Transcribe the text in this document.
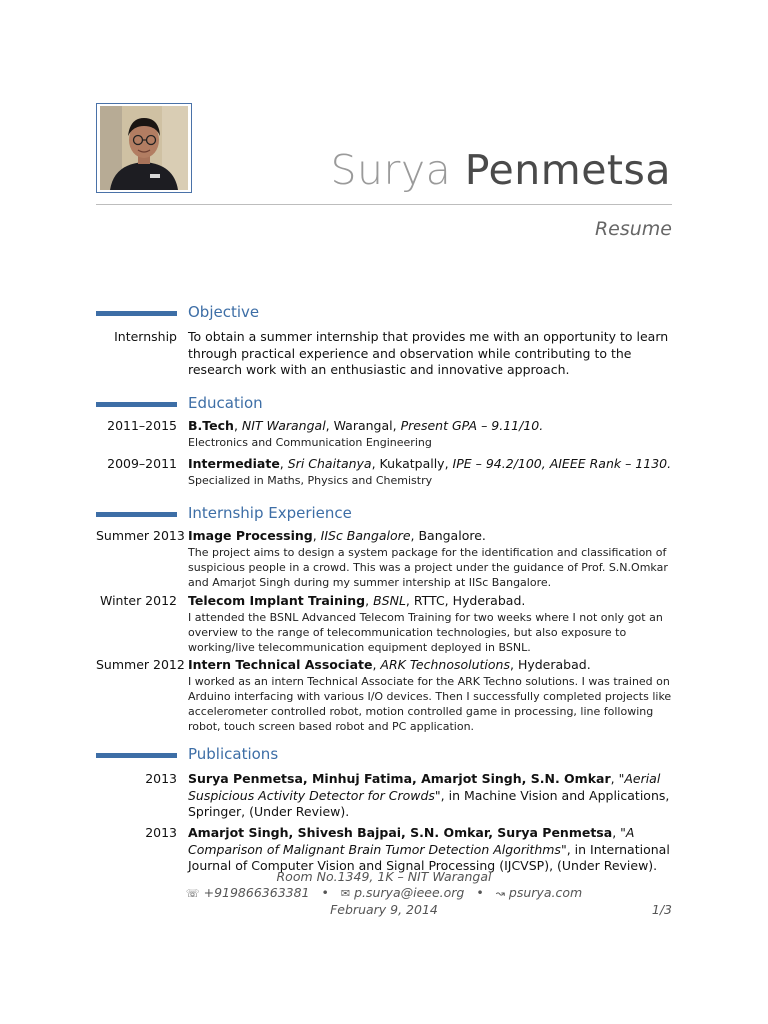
Surya Penmetsa
Resume
Objective
Internship To obtain a summer internship that provides me with an opportunity to learn through practical experience and observation while contributing to the research work with an enthusiastic and innovative approach.
Education
2011–2015 B.Tech, NIT Warangal, Warangal, Present GPA – 9.11/10.
Electronics and Communication Engineering
2009–2011 Intermediate, Sri Chaitanya, Kukatpally, IPE – 94.2/100, AIEEE Rank – 1130.
Specialized in Maths, Physics and Chemistry
Internship Experience
Summer 2013 Image Processing, IISc Bangalore, Bangalore.
The project aims to design a system package for the identification and classification of suspicious people in a crowd. This was a project under the guidance of Prof. S.N.Omkar and Amarjot Singh during my summer intership at IISc Bangalore.
Winter 2012 Telecom Implant Training, BSNL, RTTC, Hyderabad.
I attended the BSNL Advanced Telecom Training for two weeks where I not only got an overview to the range of telecommunication technologies, but also exposure to working/live telecommunication equipment deployed in BSNL.
Summer 2012 Intern Technical Associate, ARK Technosolutions, Hyderabad.
I worked as an intern Technical Associate for the ARK Techno solutions. I was trained on Arduino interfacing with various I/O devices. Then I successfully completed projects like accelerometer controlled robot, motion controlled game in processing, line following robot, touch screen based robot and PC application.
Publications
2013 Surya Penmetsa, Minhuj Fatima, Amarjot Singh, S.N. Omkar, "Aerial Suspicious Activity Detector for Crowds", in Machine Vision and Applications, Springer, (Under Review).
2013 Amarjot Singh, Shivesh Bajpai, S.N. Omkar, Surya Penmetsa, "A Comparison of Malignant Brain Tumor Detection Algorithms", in International Journal of Computer Vision and Signal Processing (IJCVSP), (Under Review).
Room No.1349, 1K – NIT Warangal
☏ +919866363381 • ✉ p.surya@ieee.org • ↝ psurya.com
February 9, 2014	1/3
